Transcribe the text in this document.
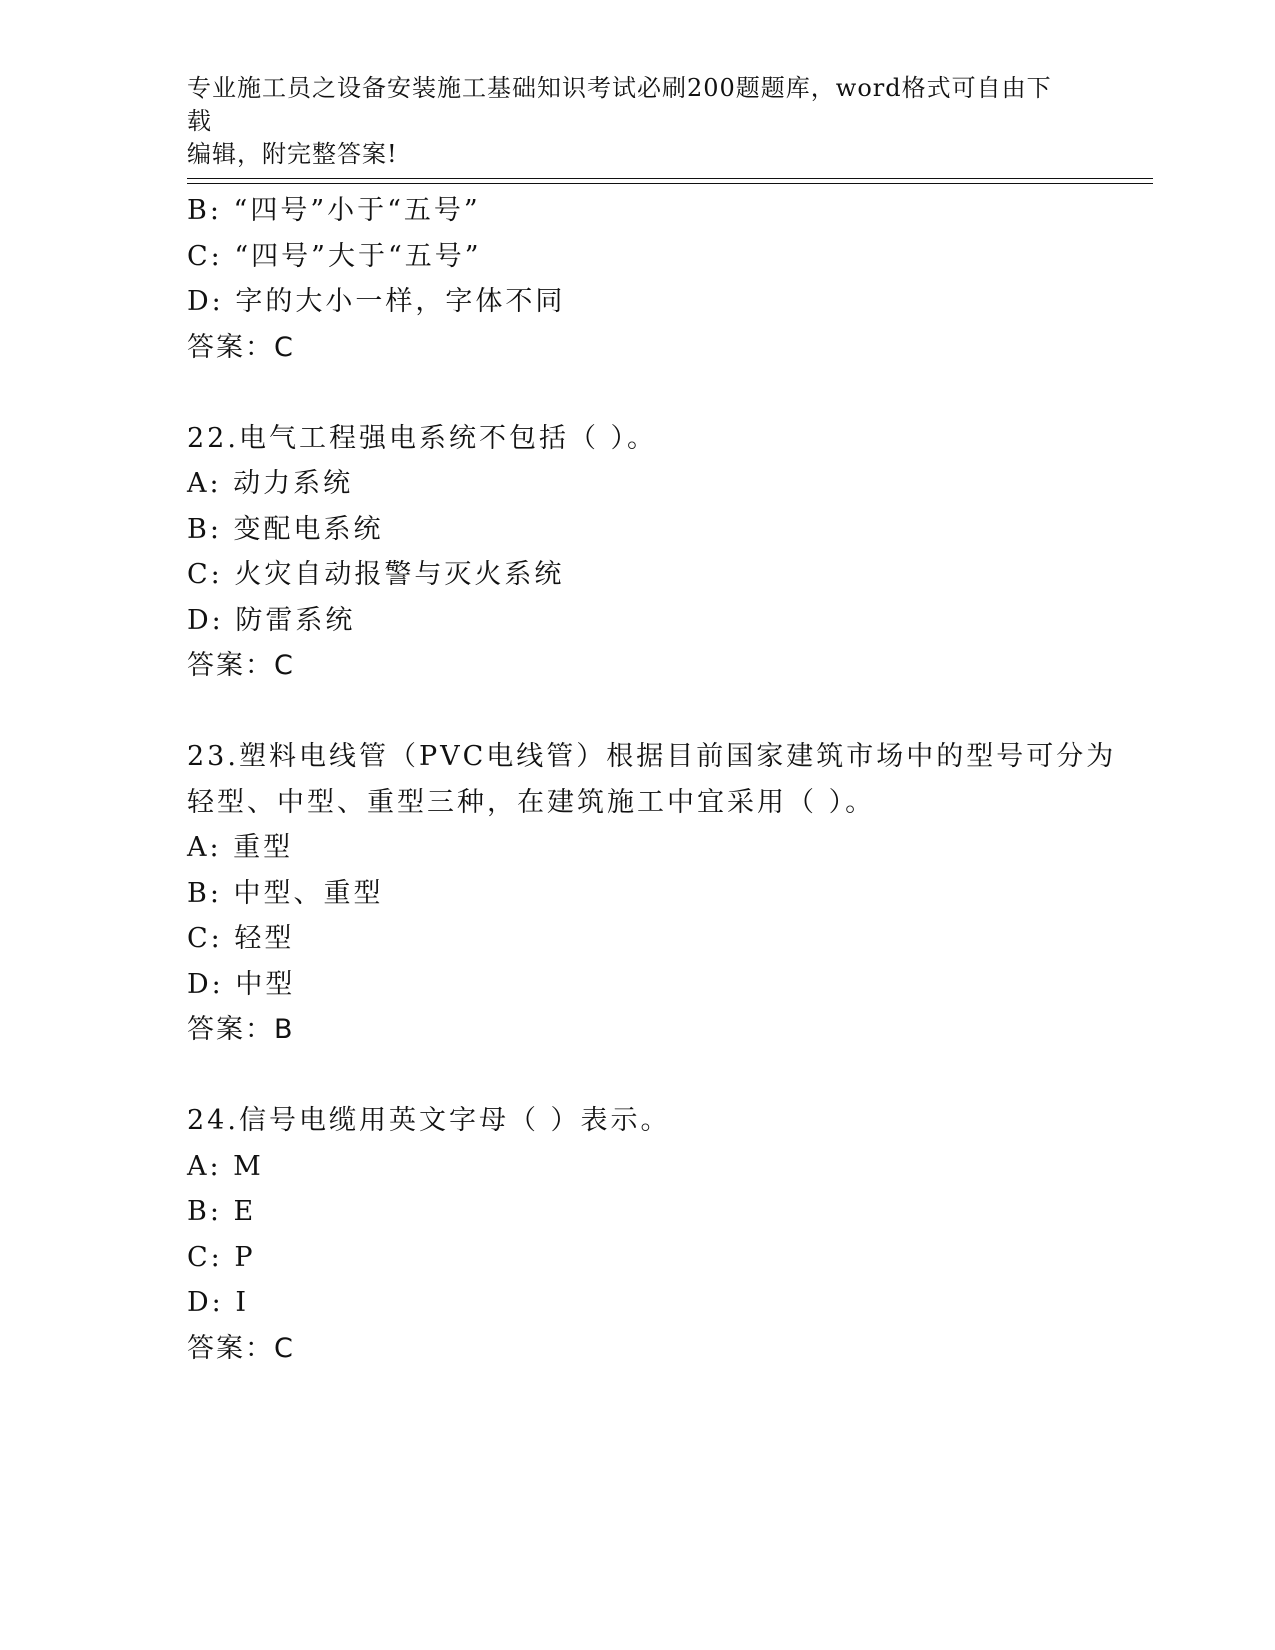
专业施工员之设备安装施工基础知识考试必刷200题题库，word格式可自由下载
编辑，附完整答案!
B: “四号”小于“五号”
C: “四号”大于“五号”
D: 字的大小一样，字体不同
答案：C
22.电气工程强电系统不包括（ ）。
A: 动力系统
B: 变配电系统
C: 火灾自动报警与灭火系统
D: 防雷系统
答案：C
23.塑料电线管（PVC电线管）根据目前国家建筑市场中的型号可分为
轻型、中型、重型三种，在建筑施工中宜采用（ ）。
A: 重型
B: 中型、重型
C: 轻型
D: 中型
答案：B
24.信号电缆用英文字母（ ）表示。
A: M
B: E
C: P
D: I
答案：C
